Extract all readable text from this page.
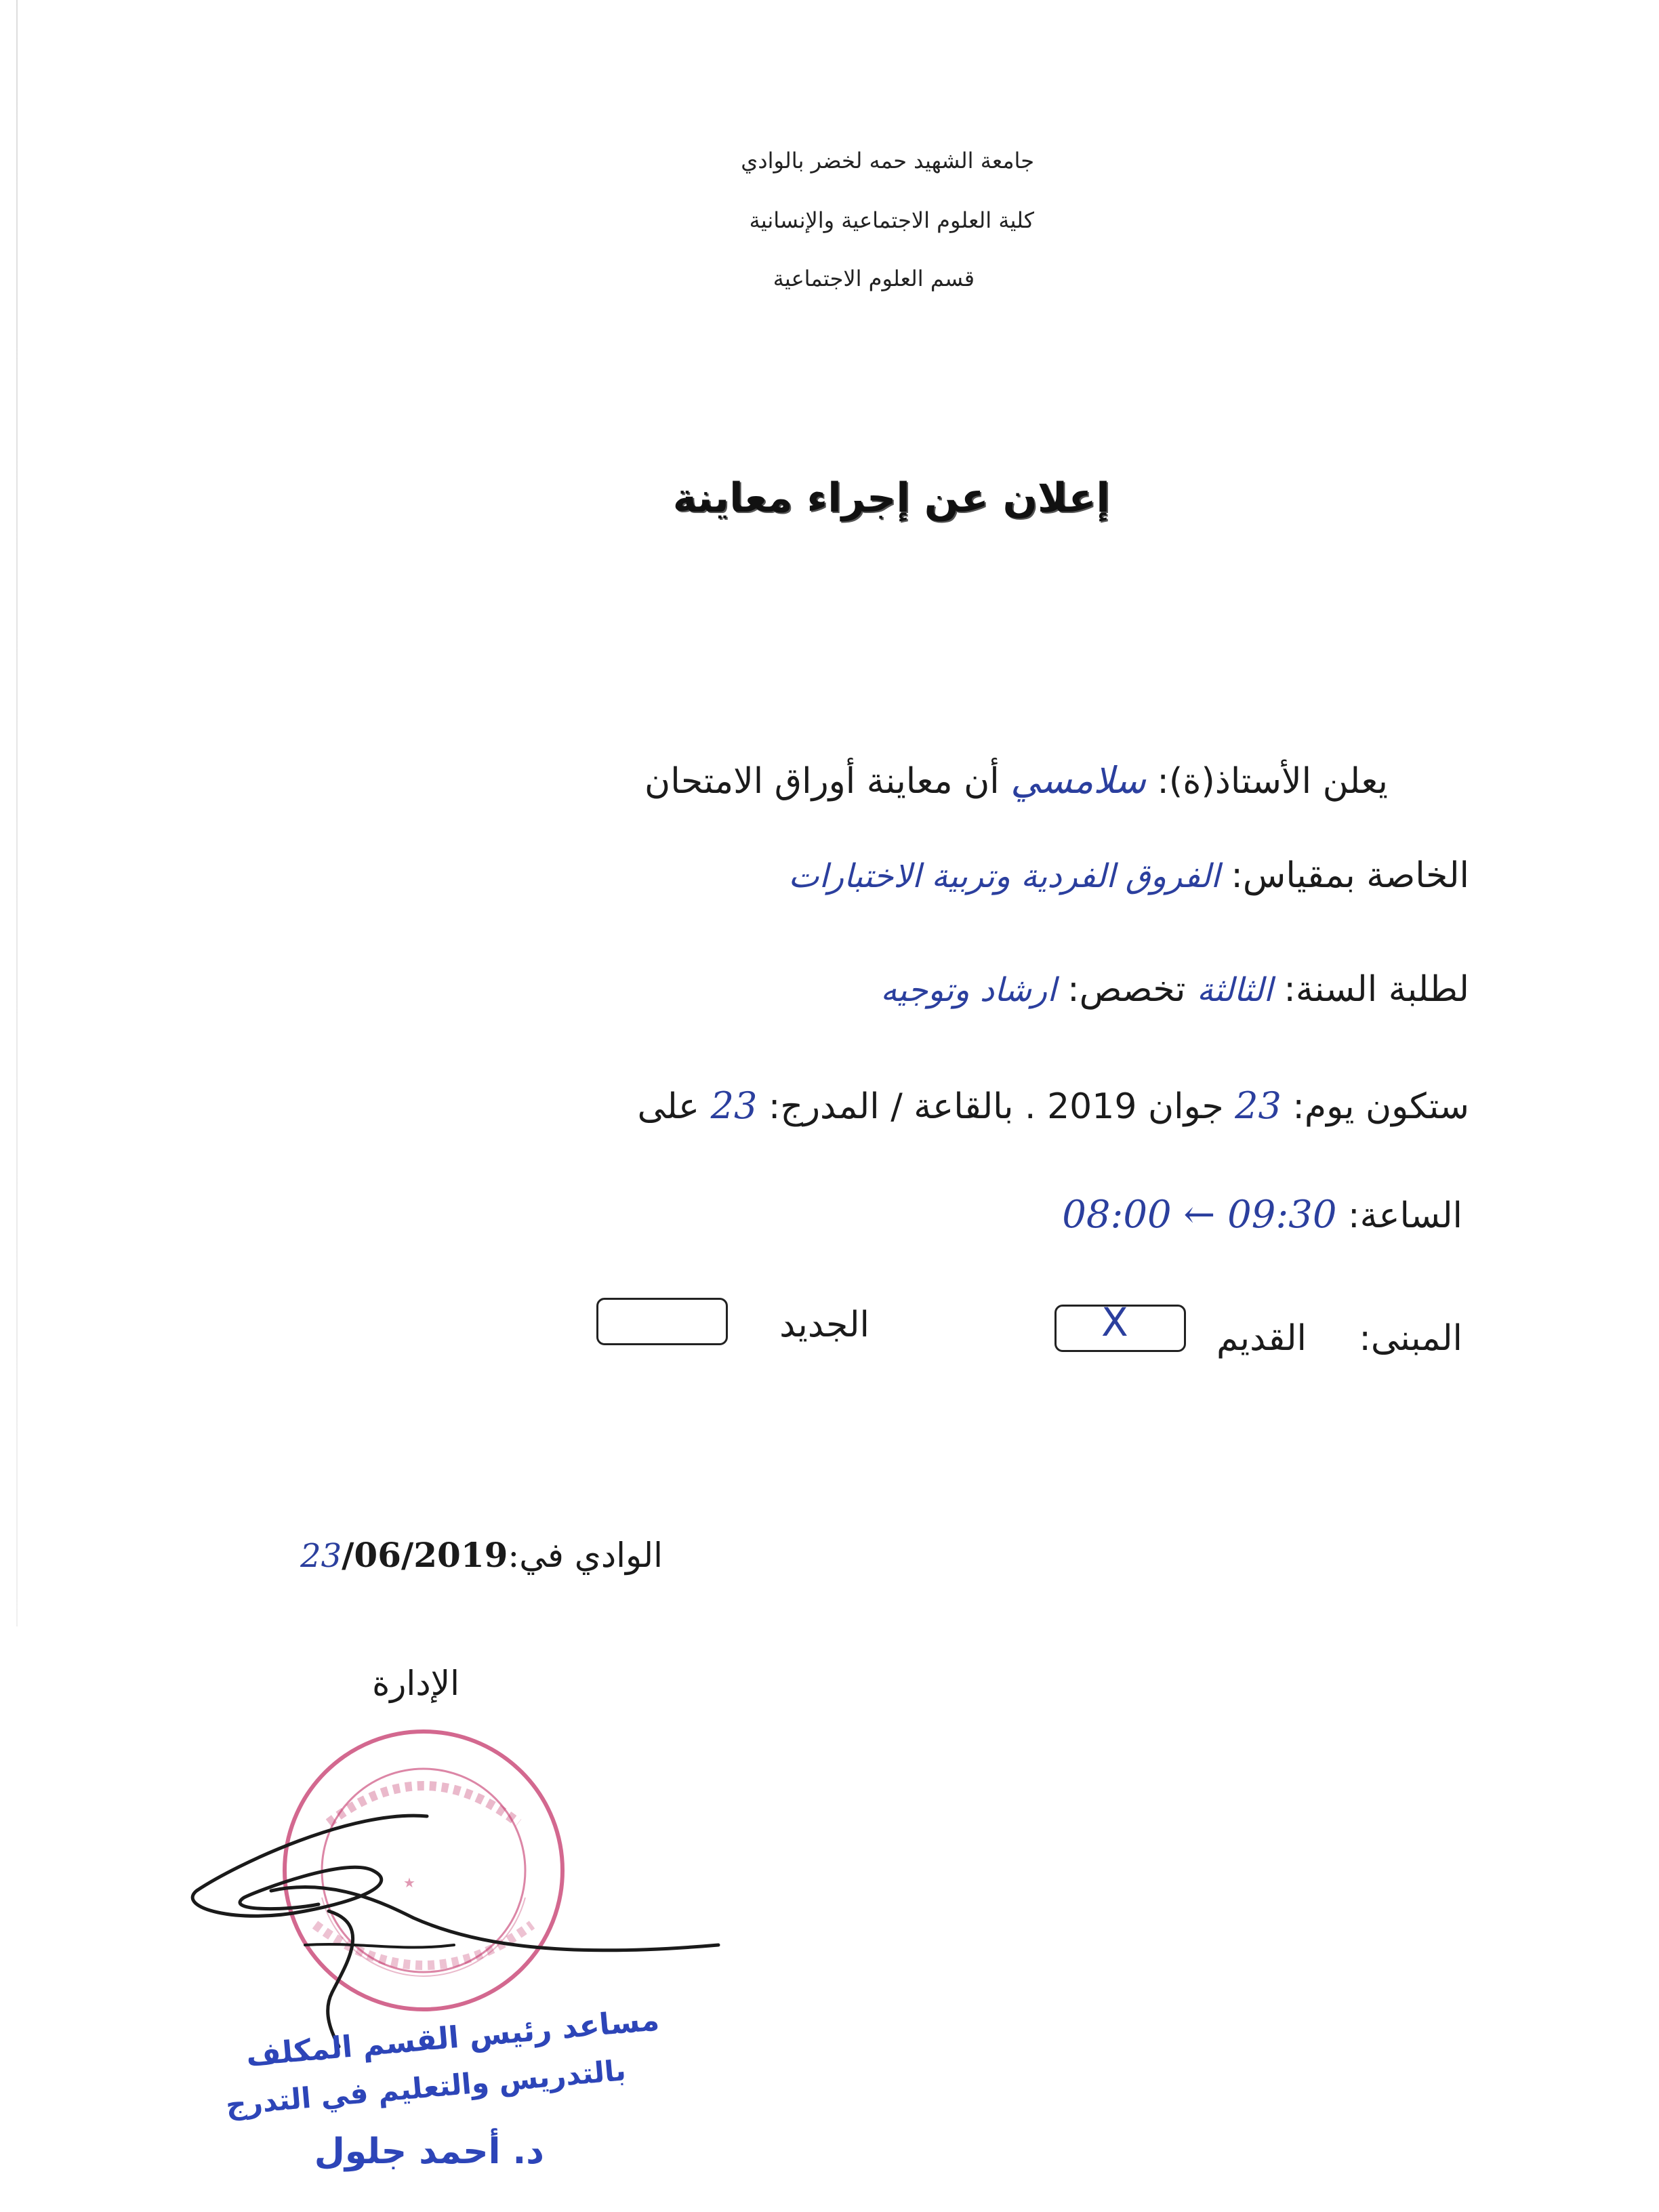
جامعة الشهيد حمه لخضر بالوادي
كلية العلوم الاجتماعية والإنسانية
قسم العلوم الاجتماعية
إعلان عن إجراء معاينة
يعلن الأستاذ(ة): سلامسي أن معاينة أوراق الامتحان
الخاصة بمقياس: الفروق الفردية وتربية الاختبارات
لطلبة السنة: الثالثة تخصص: ارشاد وتوجيه
ستكون يوم: 23 جوان 2019 . بالقاعة / المدرج: 23 على
الساعة: 08:00 ← 09:30
المبنى:
القديم
X
الجديد
الوادي في:23/06/2019
الإدارة
★
مساعد رئيس القسم المكلف
بالتدريس والتعليم في التدرج
د. أحمد جلول
